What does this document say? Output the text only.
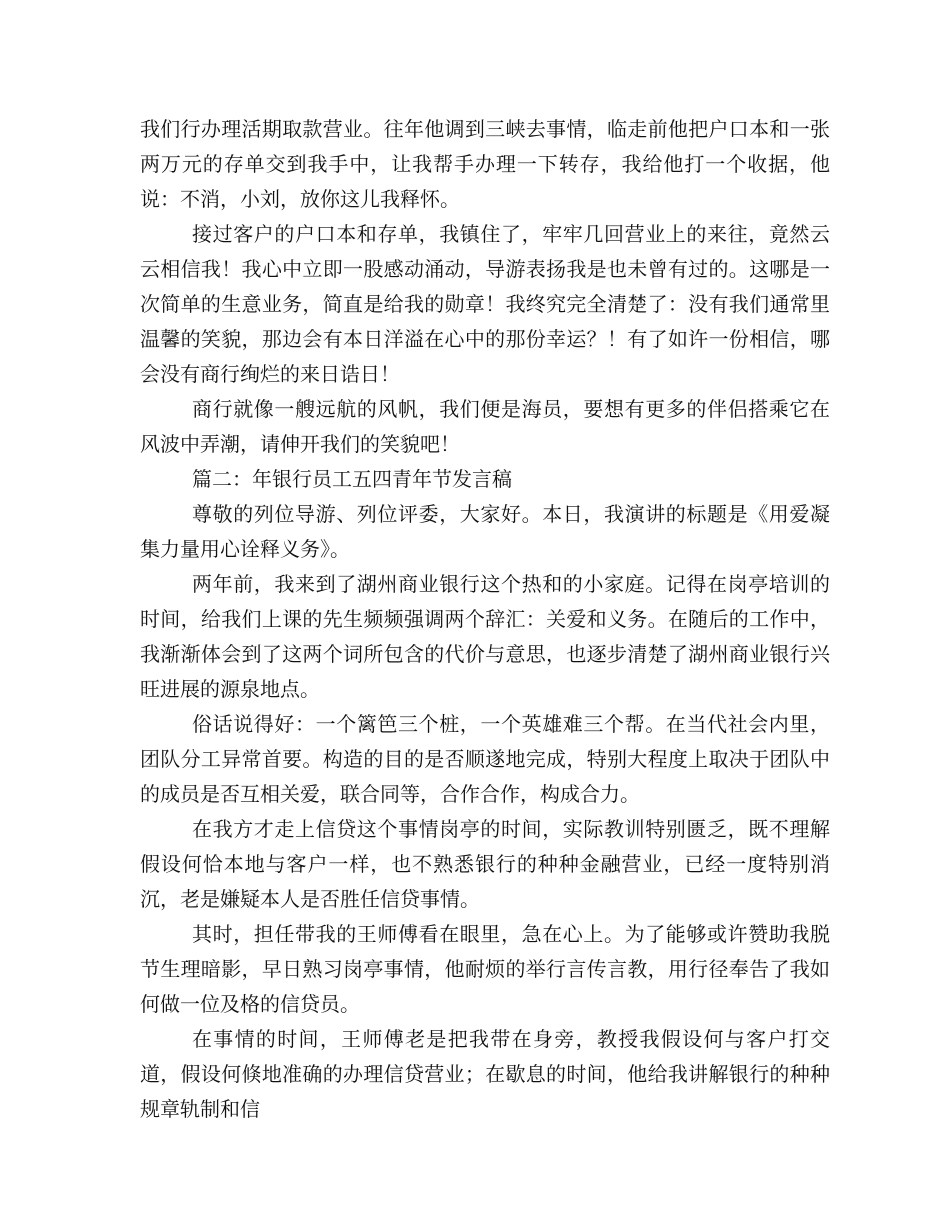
我们行办理活期取款营业。往年他调到三峡去事情，临走前他把户口本和一张两万元的存单交到我手中，让我帮手办理一下转存，我给他打一个收据，他说：不消，小刘，放你这儿我释怀。

接过客户的户口本和存单，我镇住了，牢牢几回营业上的来往，竟然云云相信我！我心中立即一股感动涌动，导游表扬我是也未曾有过的。这哪是一次简单的生意业务，简直是给我的勋章！我终究完全清楚了：没有我们通常里温馨的笑貌，那边会有本日洋溢在心中的那份幸运？！有了如许一份相信，哪会没有商行绚烂的来日诰日！

商行就像一艘远航的风帆，我们便是海员，要想有更多的伴侣搭乘它在风波中弄潮，请伸开我们的笑貌吧！

篇二：年银行员工五四青年节发言稿

尊敬的列位导游、列位评委，大家好。本日，我演讲的标题是《用爱凝集力量用心诠释义务》。

两年前，我来到了湖州商业银行这个热和的小家庭。记得在岗亭培训的时间，给我们上课的先生频频强调两个辞汇：关爱和义务。在随后的工作中，我渐渐体会到了这两个词所包含的代价与意思，也逐步清楚了湖州商业银行兴旺进展的源泉地点。

俗话说得好：一个篱笆三个桩，一个英雄难三个帮。在当代社会内里，团队分工异常首要。构造的目的是否顺遂地完成，特别大程度上取决于团队中的成员是否互相关爱，联合同等，合作合作，构成合力。

在我方才走上信贷这个事情岗亭的时间，实际教训特别匮乏，既不理解假设何恰本地与客户一样，也不熟悉银行的种种金融营业，已经一度特别消沉，老是嫌疑本人是否胜任信贷事情。

其时，担任带我的王师傅看在眼里，急在心上。为了能够或许赞助我脱节生理暗影，早日熟习岗亭事情，他耐烦的举行言传言教，用行径奉告了我如何做一位及格的信贷员。

在事情的时间，王师傅老是把我带在身旁，教授我假设何与客户打交道，假设何倏地准确的办理信贷营业；在歇息的时间，他给我讲解银行的种种规章轨制和信
